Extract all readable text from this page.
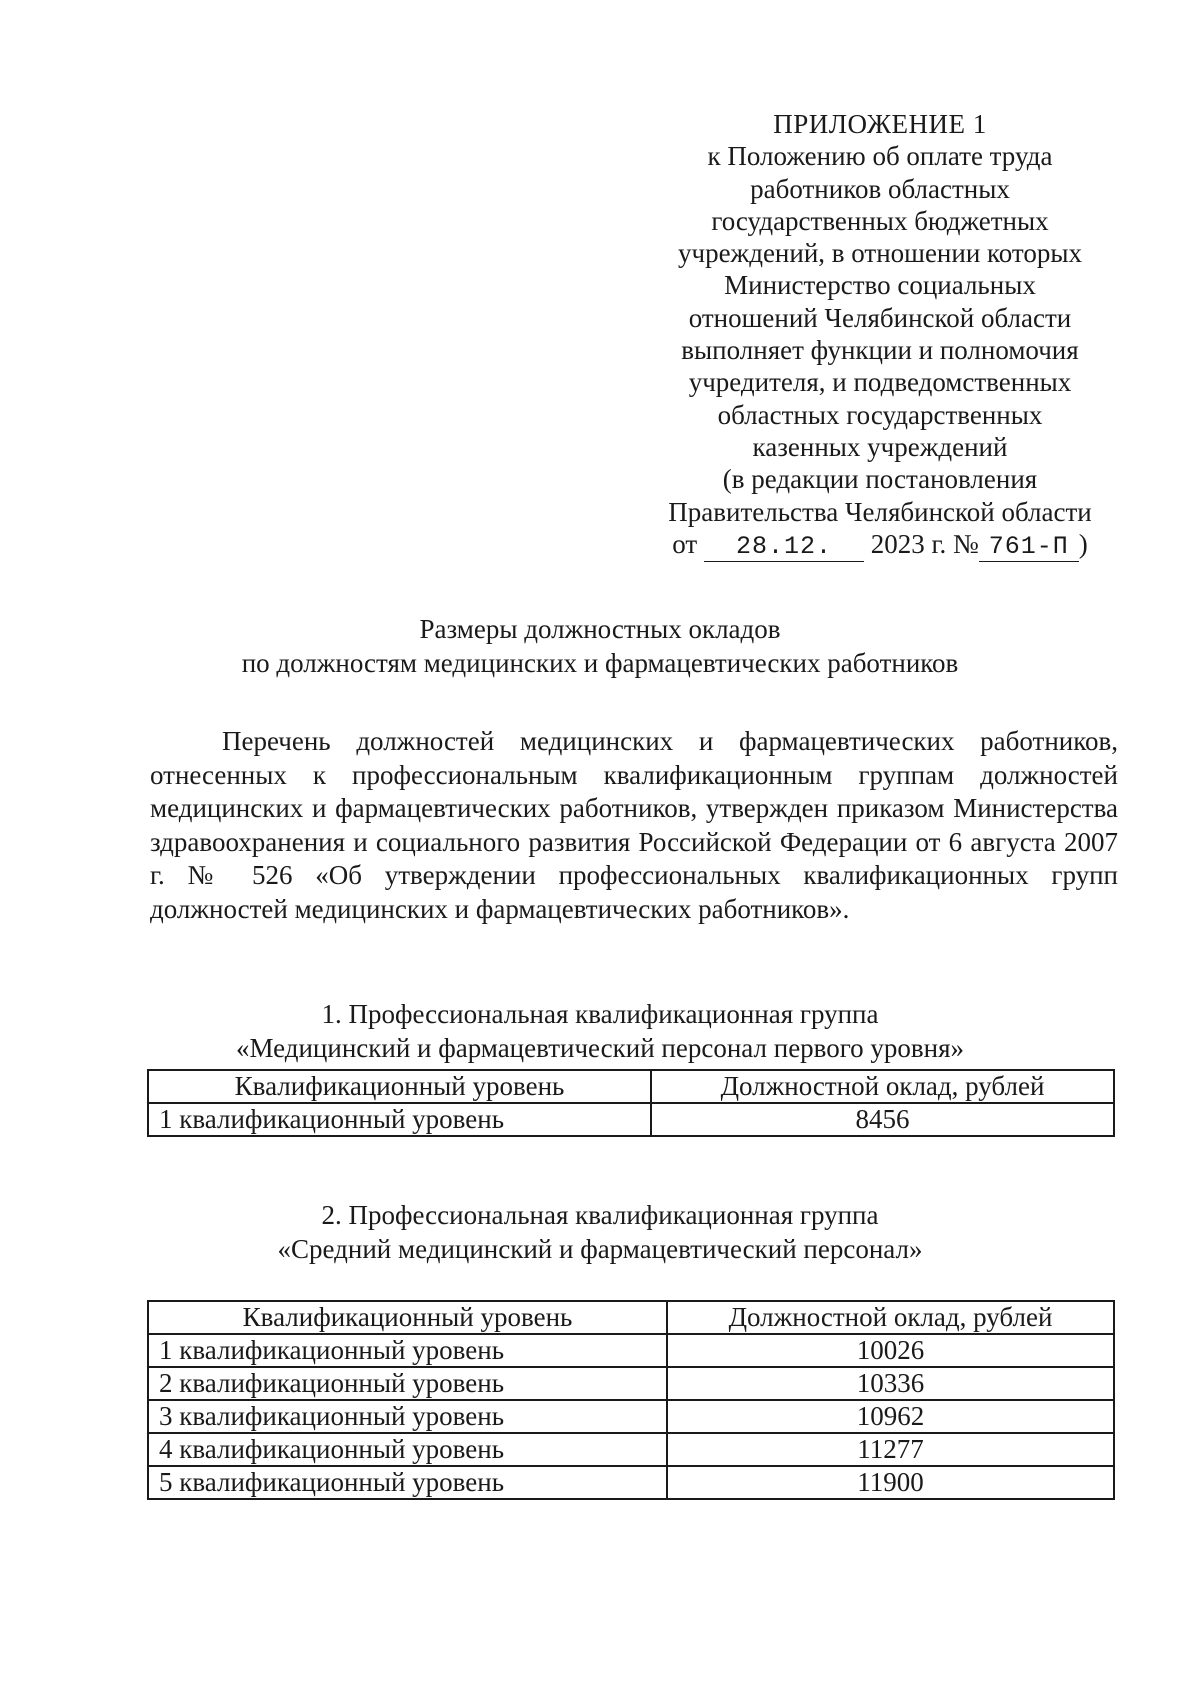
ПРИЛОЖЕНИЕ 1
к Положению об оплате труда
работников областных
государственных бюджетных
учреждений, в отношении которых
Министерство социальных
отношений Челябинской области
выполняет функции и полномочия
учредителя, и подведомственных
областных государственных
казенных учреждений
(в редакции постановления
Правительства Челябинской области
от 28.12. 2023 г. № 761-П )
Размеры должностных окладов
по должностям медицинских и фармацевтических работников

Перечень должностей медицинских и фармацевтических работников, отнесенных к профессиональным квалификационным группам должностей медицинских и фармацевтических работников, утвержден приказом Министерства здравоохранения и социального развития Российской Федерации от 6 августа 2007 г. № 526 «Об утверждении профессиональных квалификационных групп должностей медицинских и фармацевтических работников».

1. Профессиональная квалификационная группа
«Медицинский и фармацевтический персонал первого уровня»
Квалификационный уровень	Должностной оклад, рублей
1 квалификационный уровень	8456
2. Профессиональная квалификационная группа
«Средний медицинский и фармацевтический персонал»
Квалификационный уровень	Должностной оклад, рублей
1 квалификационный уровень	10026
2 квалификационный уровень	10336
3 квалификационный уровень	10962
4 квалификационный уровень	11277
5 квалификационный уровень	11900
